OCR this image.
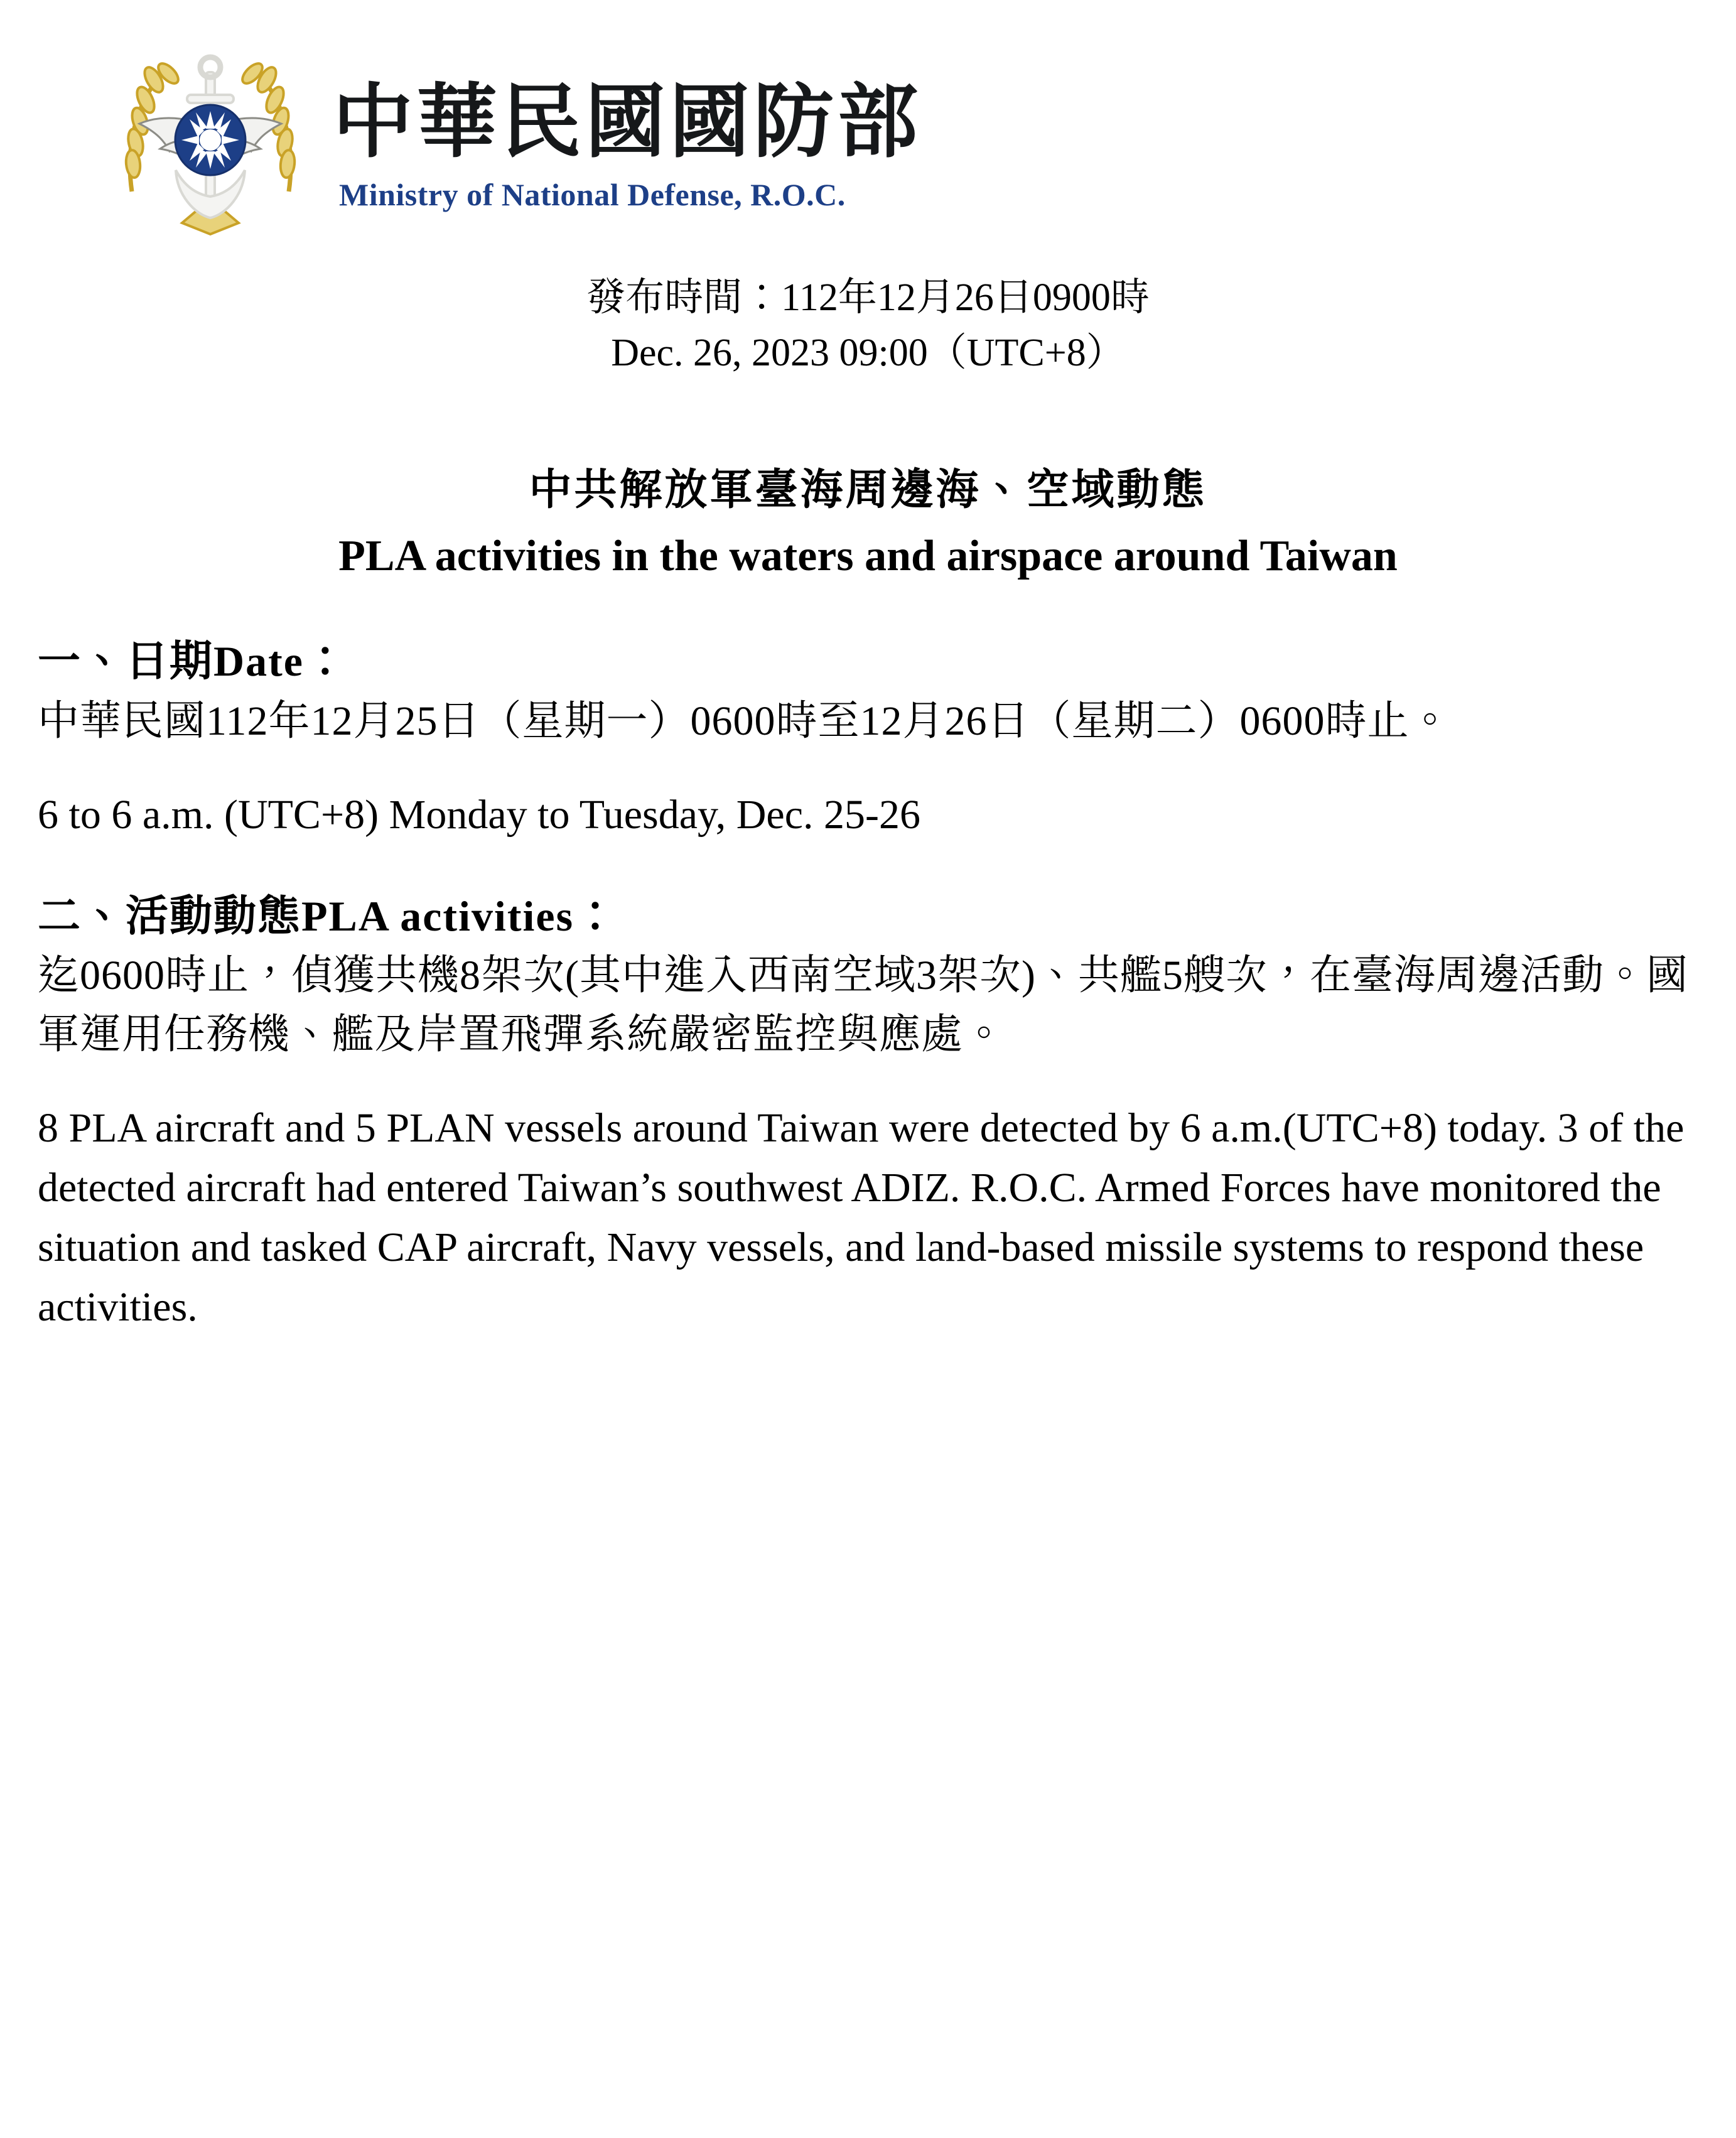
中華民國國防部
Ministry of National Defense, R.O.C.
發布時間：112年12月26日0900時
Dec. 26, 2023 09:00（UTC+8）
中共解放軍臺海周邊海、空域動態
PLA activities in the waters and airspace around Taiwan
一、日期Date：
中華民國112年12月25日（星期一）0600時至12月26日（星期二）0600時止。
6 to 6 a.m. (UTC+8) Monday to Tuesday, Dec. 25-26
二、活動動態PLA activities：
迄0600時止，偵獲共機8架次(其中進入西南空域3架次)、共艦5艘次，在臺海周邊活動。國軍運用任務機、艦及岸置飛彈系統嚴密監控與應處。
8 PLA aircraft and 5 PLAN vessels around Taiwan were detected by 6 a.m.(UTC+8) today. 3 of the detected aircraft had entered Taiwan’s southwest ADIZ. R.O.C. Armed Forces have monitored the situation and tasked CAP aircraft, Navy vessels, and land-based missile systems to respond these activities.
